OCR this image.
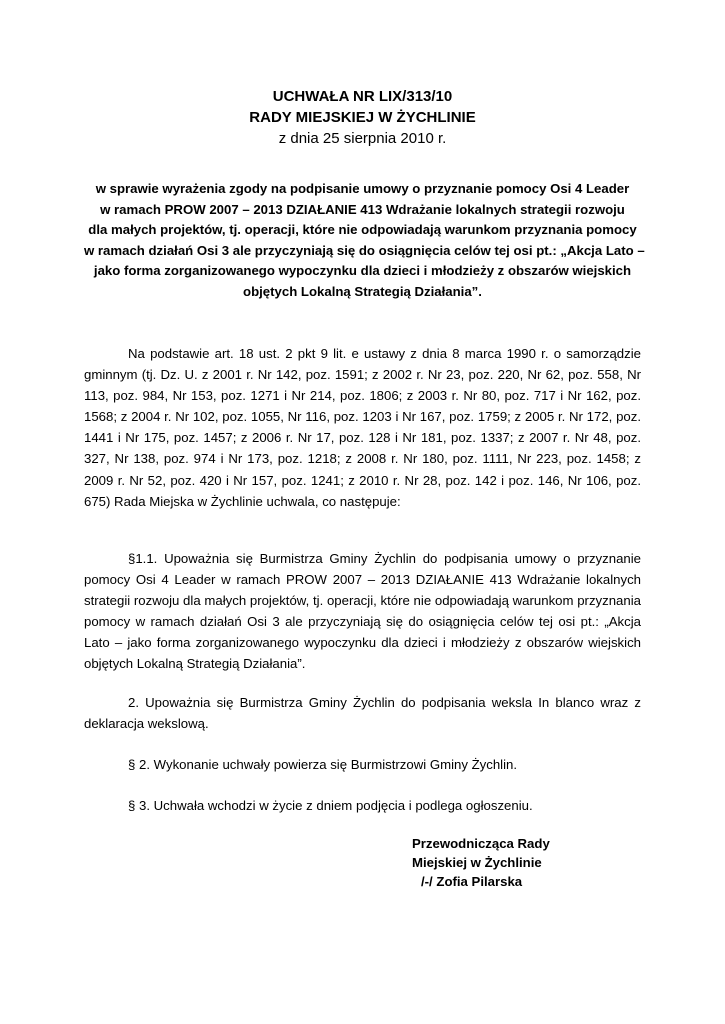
UCHWAŁA NR LIX/313/10
RADY MIEJSKIEJ W ŻYCHLINIE
z dnia 25 sierpnia 2010 r.
w sprawie wyrażenia zgody na podpisanie umowy o przyznanie pomocy Osi 4 Leader
w ramach PROW 2007 – 2013 DZIAŁANIE 413 Wdrażanie lokalnych strategii rozwoju
dla małych projektów, tj. operacji, które nie odpowiadają warunkom przyznania pomocy
w ramach działań Osi 3 ale przyczyniają się do osiągnięcia celów tej osi pt.: „Akcja Lato –
jako forma zorganizowanego wypoczynku dla dzieci i młodzieży z obszarów wiejskich
objętych Lokalną Strategią Działania”.
Na podstawie art. 18 ust. 2 pkt 9 lit. e ustawy z dnia 8 marca 1990 r. o samorządzie gminnym (tj. Dz. U. z 2001 r. Nr 142, poz. 1591; z 2002 r. Nr 23, poz. 220, Nr 62, poz. 558, Nr 113, poz. 984, Nr 153, poz. 1271 i Nr 214, poz. 1806; z 2003 r. Nr 80, poz. 717 i Nr 162, poz. 1568; z 2004 r. Nr 102, poz. 1055, Nr 116, poz. 1203 i Nr 167, poz. 1759; z 2005 r. Nr 172, poz. 1441 i Nr 175, poz. 1457; z 2006 r. Nr 17, poz. 128 i Nr 181, poz. 1337; z 2007 r. Nr 48, poz. 327, Nr 138, poz. 974 i Nr 173, poz. 1218; z 2008 r. Nr 180, poz. 1111, Nr 223, poz. 1458; z 2009 r. Nr 52, poz. 420 i Nr 157, poz. 1241; z 2010 r. Nr 28, poz. 142 i poz. 146, Nr 106, poz. 675) Rada Miejska w Żychlinie uchwala, co następuje:
§1.1. Upoważnia się Burmistrza Gminy Żychlin do podpisania umowy o przyznanie pomocy Osi 4 Leader w ramach PROW 2007 – 2013 DZIAŁANIE 413 Wdrażanie lokalnych strategii rozwoju dla małych projektów, tj. operacji, które nie odpowiadają warunkom przyznania pomocy w ramach działań Osi 3 ale przyczyniają się do osiągnięcia celów tej osi pt.: „Akcja Lato – jako forma zorganizowanego wypoczynku dla dzieci i młodzieży z obszarów wiejskich objętych Lokalną Strategią Działania”.
2. Upoważnia się Burmistrza Gminy Żychlin do podpisania weksla In blanco wraz z deklaracja wekslową.
§ 2. Wykonanie uchwały powierza się Burmistrzowi Gminy Żychlin.
§ 3. Uchwała wchodzi w życie z dniem podjęcia i podlega ogłoszeniu.
Przewodnicząca Rady
Miejskiej w Żychlinie
/-/ Zofia Pilarska
